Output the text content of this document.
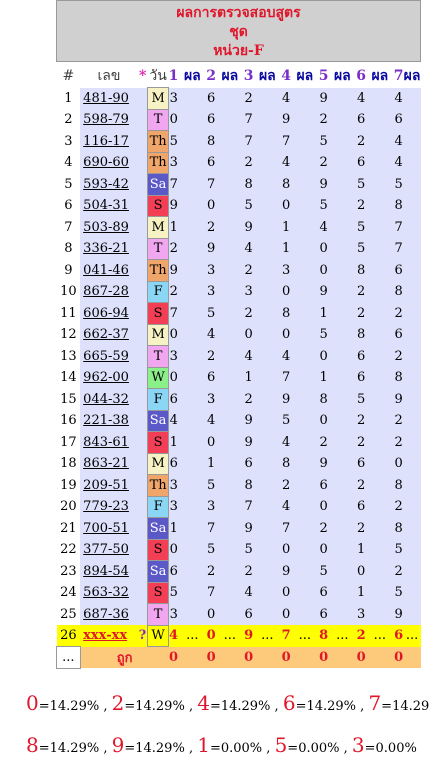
ผลการตรวจสอบสูตร
ชุด
หน่วย-F
#	เลข	*	วัน	1	ผล	2	ผล	3	ผล	4	ผล	5	ผล	6	ผล	7	ผล
1	481-90		M	3		6		2		4		9		4		4	
2	598-79		T	0		6		7		9		2		6		6	
3	116-17		Th	5		8		7		7		5		2		4	
4	690-60		Th	3		6		2		4		2		6		4	
5	593-42		Sa	7		7		8		8		9		5		5	
6	504-31		S	9		0		5		0		5		2		8	
7	503-89		M	1		2		9		1		4		5		7	
8	336-21		T	2		9		4		1		0		5		7	
9	041-46		Th	9		3		2		3		0		8		6	
10	867-28		F	2		3		3		0		9		2		8	
11	606-94		S	7		5		2		8		1		2		2	
12	662-37		M	0		4		0		0		5		8		6	
13	665-59		T	3		2		4		4		0		6		2	
14	962-00		W	0		6		1		7		1		6		8	
15	044-32		F	6		3		2		9		8		5		9	
16	221-38		Sa	4		4		9		5		0		2		2	
17	843-61		S	1		0		9		4		2		2		2	
18	863-21		M	6		1		6		8		9		6		0	
19	209-51		Th	3		5		8		2		6		2		8	
20	779-23		F	3		3		7		4		0		6		2	
21	700-51		Sa	1		7		9		7		2		2		8	
22	377-50		S	0		5		5		0		0		1		5	
23	894-54		Sa	6		2		2		9		5		0		2	
24	563-32		S	5		7		4		0		6		1		5	
25	687-36		T	3		0		6		0		6		3		9	
26	xxx-xx	?	W	4	...	0	...	9	...	7	...	8	...	2	...	6	...
...	ถูก			0		0		0		0		0		0		0	
0=14.29% , 2=14.29% , 4=14.29% , 6=14.29% , 7=14.29
8=14.29% , 9=14.29% , 1=0.00% , 5=0.00% , 3=0.00%
